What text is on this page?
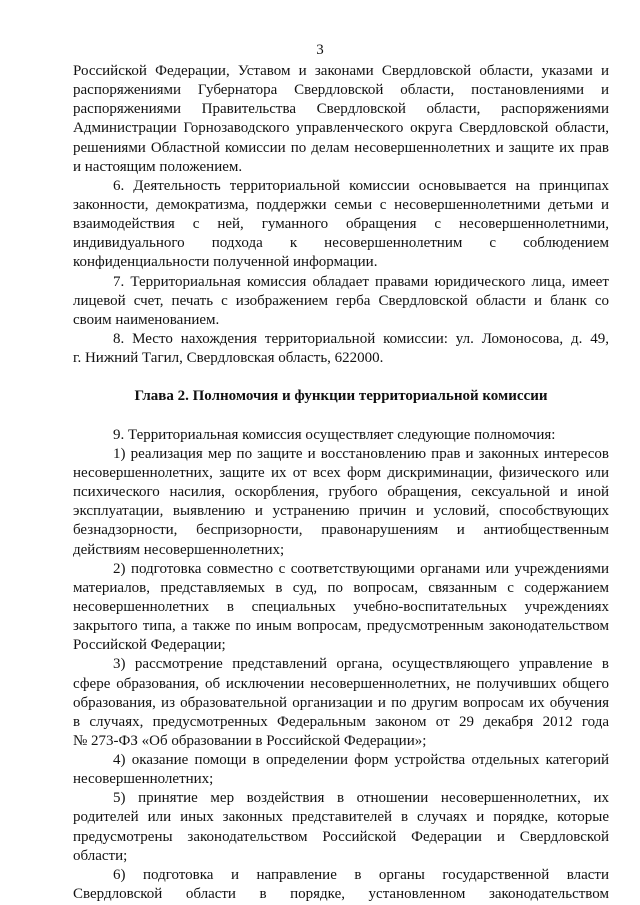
3
Российской Федерации, Уставом и законами Свердловской области, указами и
распоряжениями Губернатора Свердловской области, постановлениями и
распоряжениями Правительства Свердловской области, распоряжениями
Администрации Горнозаводского управленческого округа Свердловской области,
решениями Областной комиссии по делам несовершеннолетних и защите их прав
и настоящим положением.
6. Деятельность территориальной комиссии основывается на принципах
законности, демократизма, поддержки семьи с несовершеннолетними детьми и
взаимодействия с ней, гуманного обращения с несовершеннолетними,
индивидуального подхода к несовершеннолетним с соблюдением
конфиденциальности полученной информации.
7. Территориальная комиссия обладает правами юридического лица, имеет
лицевой счет, печать с изображением герба Свердловской области и бланк со
своим наименованием.
8. Место нахождения территориальной комиссии: ул. Ломоносова, д. 49,
г. Нижний Тагил, Свердловская область, 622000.
Глава 2. Полномочия и функции территориальной комиссии
9. Территориальная комиссия осуществляет следующие полномочия:
1) реализация мер по защите и восстановлению прав и законных интересов
несовершеннолетних, защите их от всех форм дискриминации, физического или
психического насилия, оскорбления, грубого обращения, сексуальной и иной
эксплуатации, выявлению и устранению причин и условий, способствующих
безнадзорности, беспризорности, правонарушениям и антиобщественным
действиям несовершеннолетних;
2) подготовка совместно с соответствующими органами или учреждениями
материалов, представляемых в суд, по вопросам, связанным с содержанием
несовершеннолетних в специальных учебно-воспитательных учреждениях
закрытого типа, а также по иным вопросам, предусмотренным законодательством
Российской Федерации;
3) рассмотрение представлений органа, осуществляющего управление в
сфере образования, об исключении несовершеннолетних, не получивших общего
образования, из образовательной организации и по другим вопросам их обучения
в случаях, предусмотренных Федеральным законом от 29 декабря 2012 года
№ 273-ФЗ «Об образовании в Российской Федерации»;
4) оказание помощи в определении форм устройства отдельных категорий
несовершеннолетних;
5) принятие мер воздействия в отношении несовершеннолетних, их
родителей или иных законных представителей в случаях и порядке, которые
предусмотрены законодательством Российской Федерации и Свердловской
области;
6) подготовка и направление в органы государственной власти
Свердловской области в порядке, установленном законодательством
